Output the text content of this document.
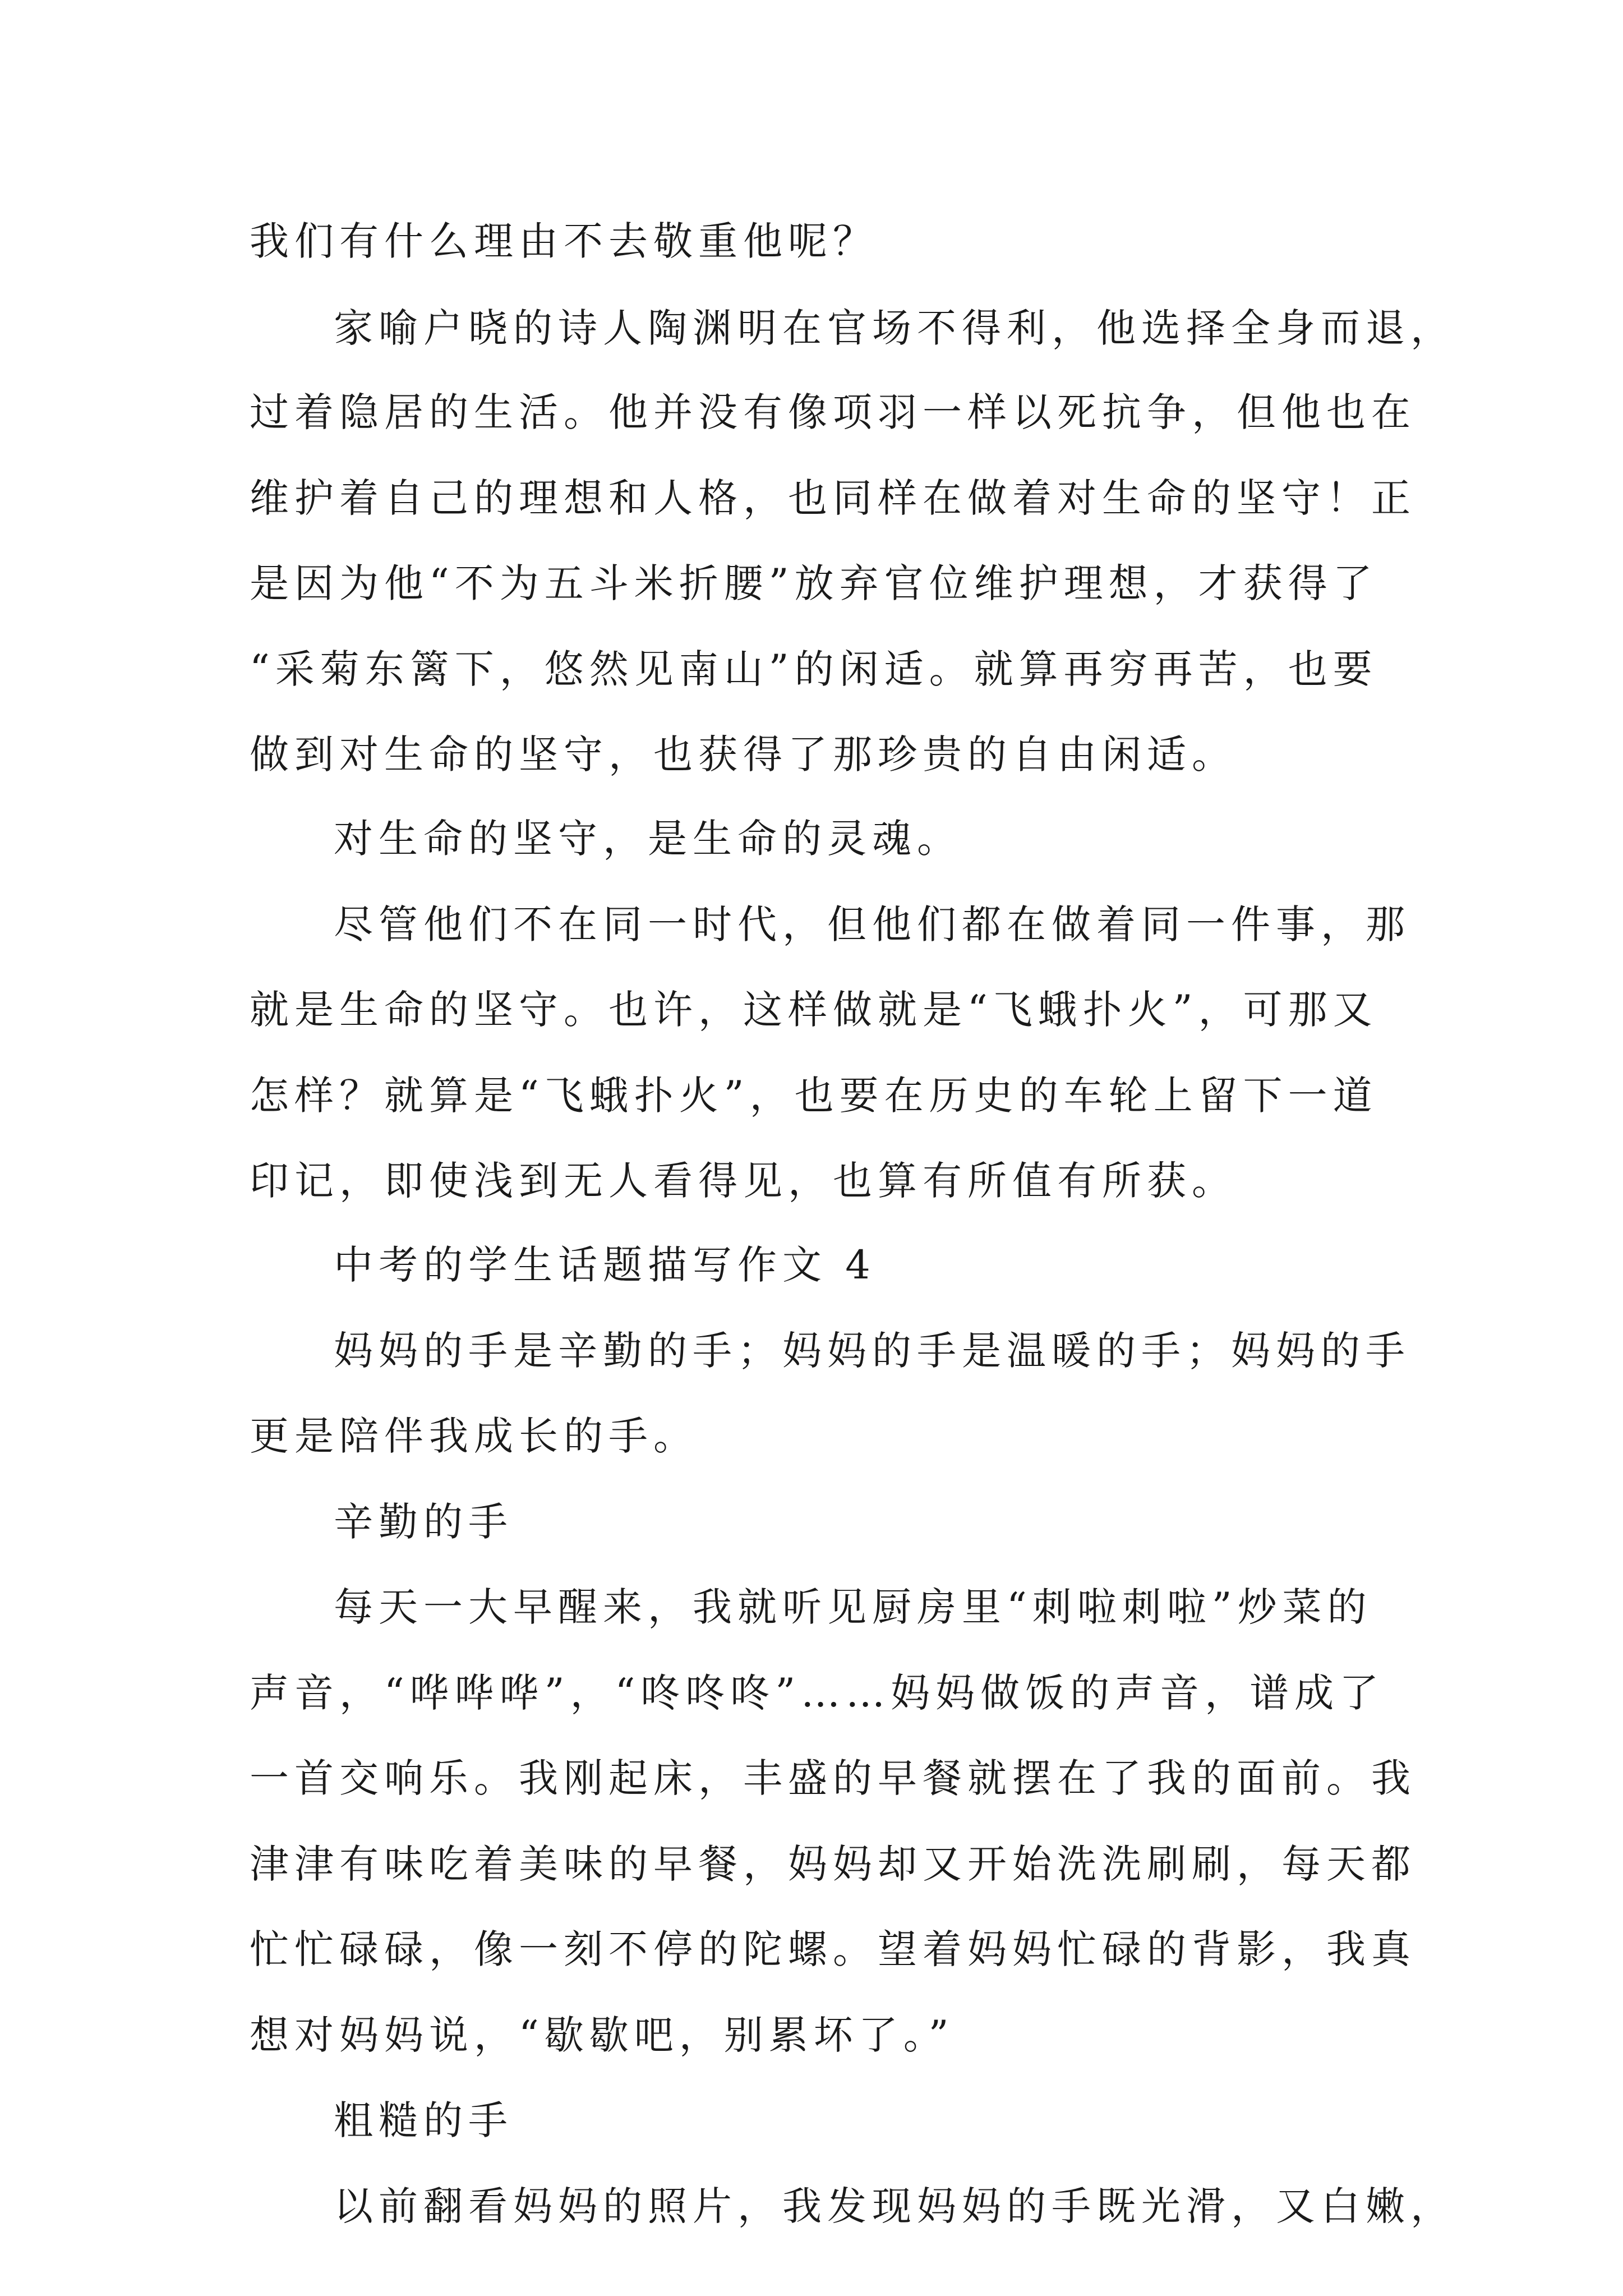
我们有什么理由不去敬重他呢？
家喻户晓的诗人陶渊明在官场不得利，他选择全身而退，
过着隐居的生活。他并没有像项羽一样以死抗争，但他也在
维护着自己的理想和人格，也同样在做着对生命的坚守！正
是因为他“不为五斗米折腰”放弃官位维护理想，才获得了
“采菊东篱下，悠然见南山”的闲适。就算再穷再苦，也要
做到对生命的坚守，也获得了那珍贵的自由闲适。
对生命的坚守，是生命的灵魂。
尽管他们不在同一时代，但他们都在做着同一件事，那
就是生命的坚守。也许，这样做就是“飞蛾扑火”，可那又
怎样？就算是“飞蛾扑火”，也要在历史的车轮上留下一道
印记，即使浅到无人看得见，也算有所值有所获。
中考的学生话题描写作文 4
妈妈的手是辛勤的手；妈妈的手是温暖的手；妈妈的手
更是陪伴我成长的手。
辛勤的手
每天一大早醒来，我就听见厨房里“刺啦刺啦”炒菜的
声音，“哗哗哗”，“咚咚咚”……妈妈做饭的声音，谱成了
一首交响乐。我刚起床，丰盛的早餐就摆在了我的面前。我
津津有味吃着美味的早餐，妈妈却又开始洗洗刷刷，每天都
忙忙碌碌，像一刻不停的陀螺。望着妈妈忙碌的背影，我真
想对妈妈说，“歇歇吧，别累坏了。”
粗糙的手
以前翻看妈妈的照片，我发现妈妈的手既光滑，又白嫩，
